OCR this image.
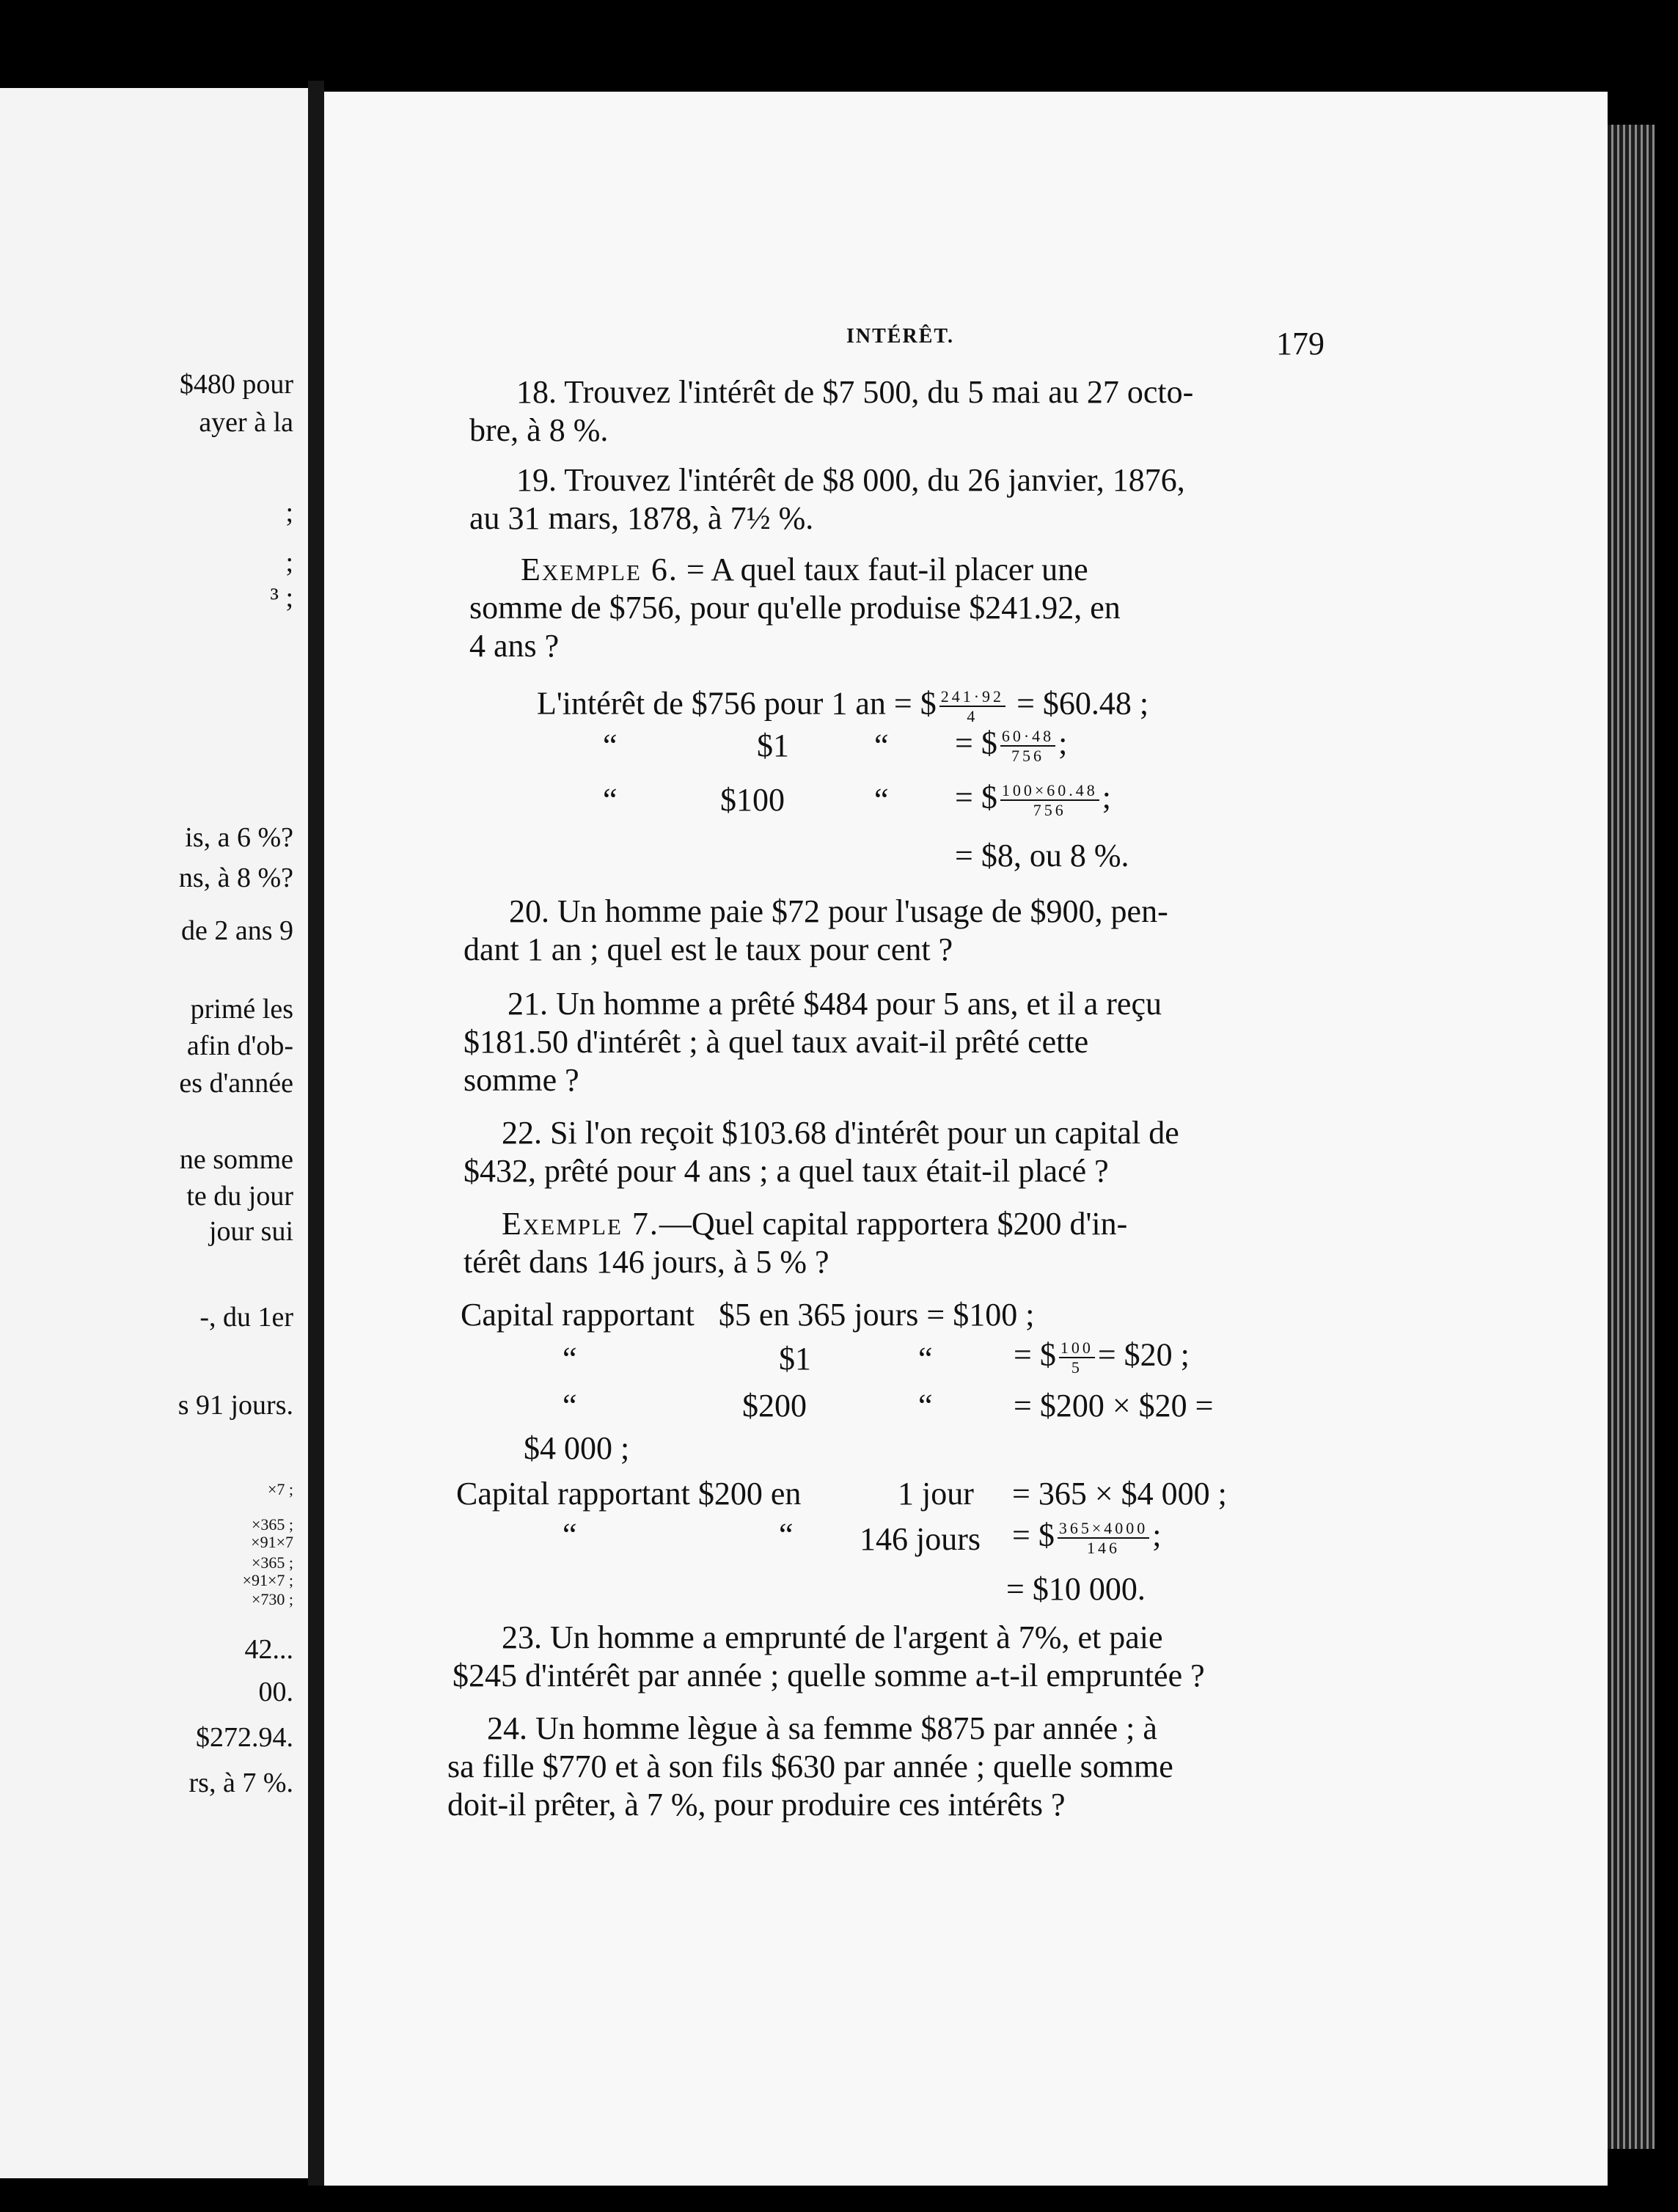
$480 pour
ayer à la
;
;
³ ;
is, a 6 %?
ns, à 8 %?
de 2 ans 9
primé les
afin d'ob-
es d'année
ne somme
te du jour
jour sui
-, du 1er
s 91 jours.
×7 ;
×365 ;
×91×7
×365 ;
×91×7 ;
×730 ;
42...
00.
$272.94.
rs, à 7 %.
INTÉRÊT.	179
18. Trouvez l'intérêt de $7 500, du 5 mai au 27 octo-
bre, à 8 %.
19. Trouvez l'intérêt de $8 000, du 26 janvier, 1876,
au 31 mars, 1878, à 7½ %.
Exemple 6. = A quel taux faut-il placer une
somme de $756, pour qu'elle produise $241.92, en
4 ans ?
L'intérêt de $756 pour 1 an = $ $\frac{241\cdot 92}{4}$ = $60.48 ;
“	$1	“ = $ $\frac{60\cdot 48}{756}$ ;
“	$100	“ = $ $\frac{100\times 60.48}{756}$ ;
= $8, ou 8 %.
20. Un homme paie $72 pour l'usage de $900, pen-
dant 1 an ; quel est le taux pour cent ?
21. Un homme a prêté $484 pour 5 ans, et il a reçu
$181.50 d'intérêt ; à quel taux avait-il prêté cette
somme ?
22. Si l'on reçoit $103.68 d'intérêt pour un capital de
$432, prêté pour 4 ans ; a quel taux était-il placé ?
Exemple 7.—Quel capital rapportera $200 d'in-
térêt dans 146 jours, à 5 % ?
Capital rapportant   $5 en 365 jours = $100 ;
“	$1	“	= $ $\frac{100}{5}$ = $20 ;
“	$200	“	= $200 × $20 =
$4 000 ;
Capital rapportant $200 en	1 jour = 365 × $4 000 ;
“	“ 146 jours = $ $\frac{365\times 4000}{146}$ ;
= $10 000.
23. Un homme a emprunté de l'argent à 7%, et paie
$245 d'intérêt par année ; quelle somme a-t-il empruntée ?
24. Un homme lègue à sa femme $875 par année ; à
sa fille $770 et à son fils $630 par année ; quelle somme
doit-il prêter, à 7 %, pour produire ces intérêts ?
